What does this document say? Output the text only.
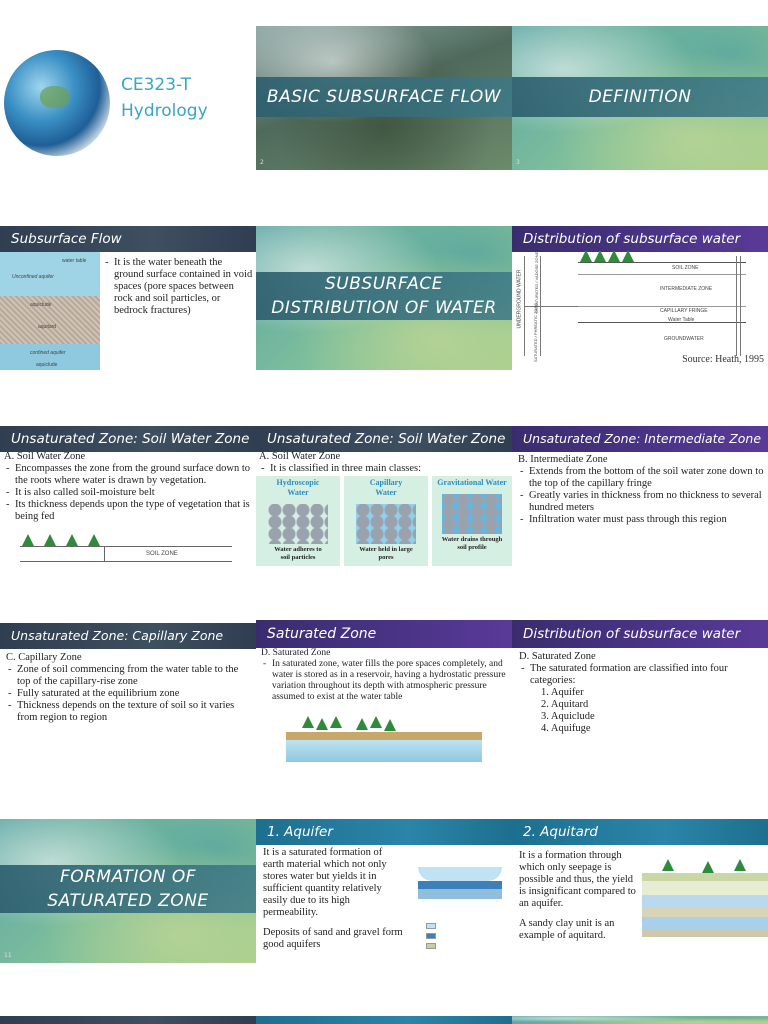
CE323-T
Hydrology
BASIC SUBSURFACE FLOW
2
DEFINITION
3
Subsurface Flow
water table
Unconfined aquifer
aquiclude
aquitard
confined aquifer
aquiclude
- It is the water beneath the ground surface contained in void spaces (pore spaces between rock and soil particles, or bedrock fractures)
SUBSURFACE DISTRIBUTION OF WATER
Distribution of subsurface water
WELL
SOIL ZONE
INTERMEDIATE ZONE
CAPILLARY FRINGE
Water Table
GROUNDWATER
UNDERGROUND WATER	UNSATURATED / VADOSE ZONE
SATURATED / PHREATIC ZONE	Source: Heath, 1995
Unsaturated Zone: Soil Water Zone
A. Soil Water Zone
- Encompasses the zone from the ground surface down to the roots where water is drawn by vegetation.
- It is also called soil-moisture belt
- Its thickness depends upon the type of vegetation that is being fed
SOIL ZONE
Unsaturated Zone: Soil Water Zone
A. Soil Water Zone
- It is classified in three main classes:
Hydroscopic Water
Water adheres to soil particles
Capillary Water
Water held in large pores
Gravitational Water
Water drains through soil profile
Unsaturated Zone: Intermediate Zone
B. Intermediate Zone
- Extends from the bottom of the soil water zone down to the top of the capillary fringe
- Greatly varies in thickness from no thickness to several hundred meters
- Infiltration water must pass through this region
Unsaturated Zone: Capillary Zone
C. Capillary Zone
- Zone of soil commencing from the water table to the top of the capillary-rise zone
- Fully saturated at the equilibrium zone
- Thickness depends on the texture of soil so it varies from region to region
Saturated Zone
D. Saturated Zone
- In saturated zone, water fills the pore spaces completely, and water is stored as in a reservoir, having a hydrostatic pressure variation throughout its depth with atmospheric pressure assumed to exist at the water table
Distribution of subsurface water
D. Saturated Zone
- The saturated formation are classified into four categories:
1. Aquifer
2. Aquitard
3. Aquiclude
4. Aquifuge
FORMATION OF SATURATED ZONE
11
1. Aquifer

It is a saturated formation of earth material which not only stores water but yields it in sufficient quantity relatively easily due to its high permeability.

Deposits of sand and gravel form good aquifers

2. Aquitard

It is a formation through which only seepage is possible and thus, the yield is insignificant compared to an aquifer.

A sandy clay unit is an example of aquitard.
